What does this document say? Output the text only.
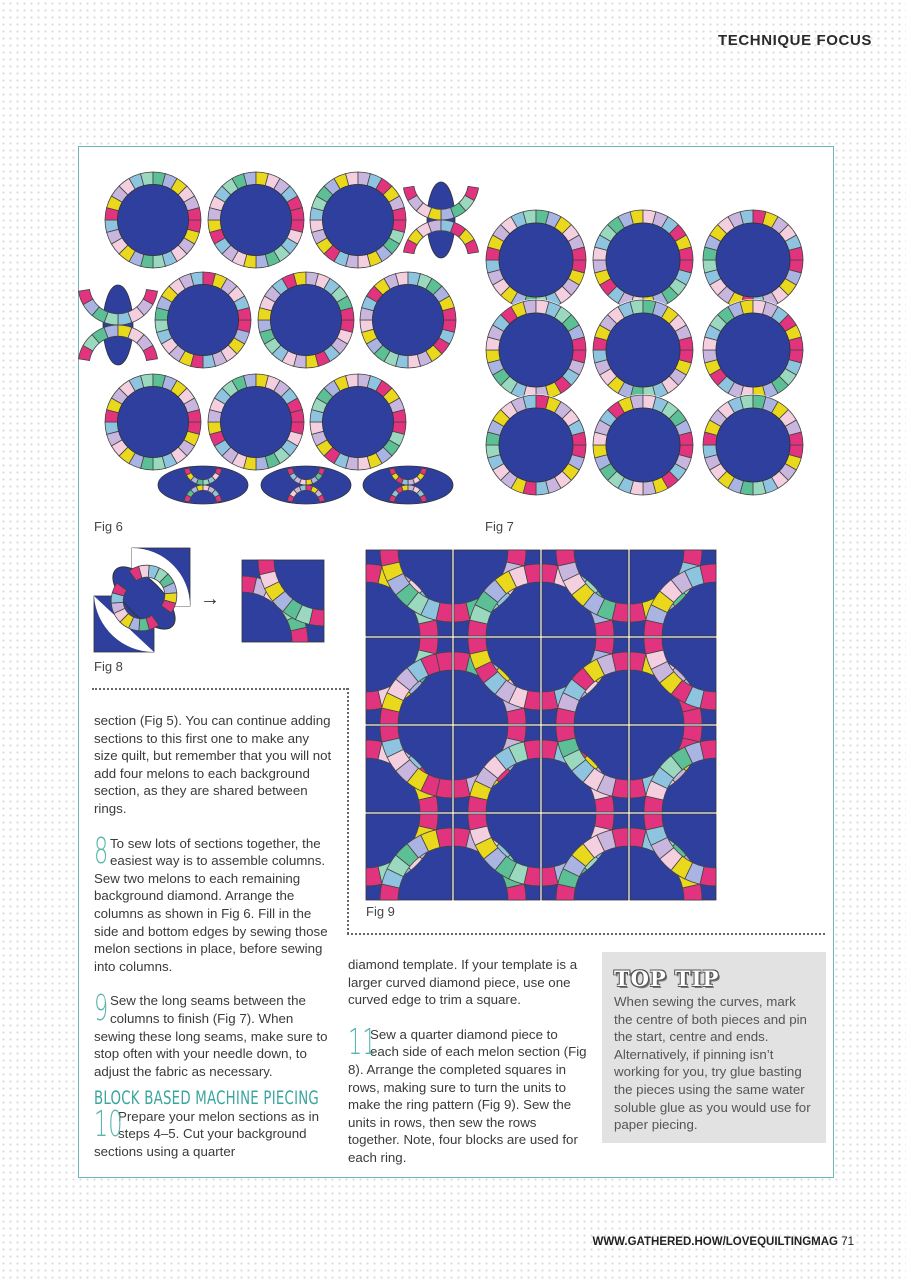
TECHNIQUE FOCUS
Fig 6	Fig 7
Fig 8
Fig 9
→

section (Fig 5). You can continue adding sections to this first one to make any size quilt, but remember that you will not add four melons to each background section, as they are shared between rings.

8 To sew lots of sections together, the easiest way is to assemble columns. Sew two melons to each remaining background diamond. Arrange the columns as shown in Fig 6. Fill in the side and bottom edges by sewing those melon sections in place, before sewing into columns.

9 Sew the long seams between the columns to finish (Fig 7). When sewing these long seams, make sure to stop often with your needle down, to adjust the fabric as necessary.

BLOCK BASED MACHINE PIECING

10
Prepare your melon sections as in steps 4–5. Cut your background sections using a quarter

diamond template. If your template is a larger curved diamond piece, use one curved edge to trim a square.

11
Sew a quarter diamond piece to each side of each melon section (Fig 8). Arrange the completed squares in rows, making sure to turn the units to make the ring pattern (Fig 9). Sew the units in rows, then sew the rows together. Note, four blocks are used for each ring.

TOP TIP
When sewing the curves, mark the centre of both pieces and pin the start, centre and ends. Alternatively, if pinning isn’t working for you, try glue basting the pieces using the same water soluble glue as you would use for paper piecing.
WWW.GATHERED.HOW/LOVEQUILTINGMAG 71
